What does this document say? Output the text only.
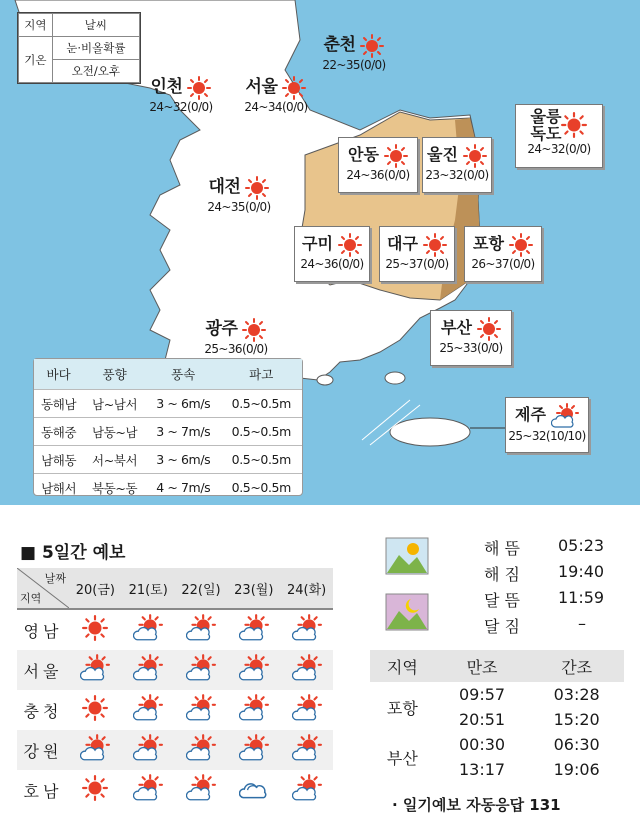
지역	날씨
기온	눈·비올확률
	오전/오후
춘천
22~35(0/0)
인천
24~32(0/0)
서울
24~34(0/0)
대전
24~35(0/0)
광주
25~36(0/0)
울릉
독도
24~32(0/0)
안동
24~36(0/0)
울진
23~32(0/0)
구미
24~36(0/0)
대구
25~37(0/0)
포항
26~37(0/0)
부산
25~33(0/0)
제주
25~32(10/10)
바다	풍향	풍속	파고
동해남	남~남서	3 ~ 6m/s	0.5~0.5m
동해중	남동~남	3 ~ 7m/s	0.5~0.5m
남해동	서~북서	3 ~ 6m/s	0.5~0.5m
남해서	북동~동	4 ~ 7m/s	0.5~0.5m
■ 5일간 예보
날짜
지역	20(금)	21(토)	22(일)	23(월)	24(화)
영남					
서울					
충청					
강원					
호남					
해 뜸 05:23
해 짐 19:40
달 뜸 11:59
달 짐	–
지역	만조	간조
포항	09:57	03:28
	20:51	15:20
부산	00:30	06:30
	13:17	19:06
· 일기예보 자동응답 131
